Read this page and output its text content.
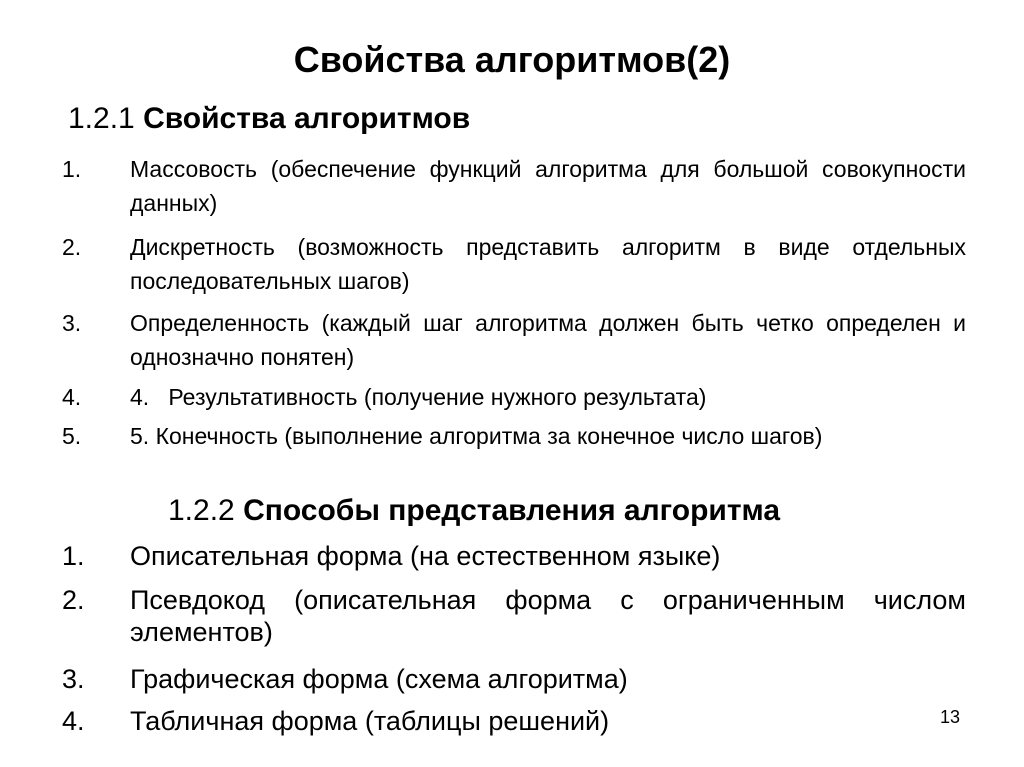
Свойства алгоритмов(2)
1.2.1 Свойства алгоритмов
1. Массовость (обеспечение функций алгоритма для большой совокупности данных)
2. Дискретность (возможность представить алгоритм в виде отдельных последовательных шагов)
3. Определенность (каждый шаг алгоритма должен быть четко определен и однозначно понятен)
4. 4.   Результативность (получение нужного результата)
5. 5. Конечность (выполнение алгоритма за конечное число шагов)
1.2.2 Способы представления алгоритма
1. Описательная форма (на естественном языке)
2. Псевдокод (описательная форма с ограниченным числом элементов)
3. Графическая форма (схема алгоритма)
4. Табличная форма (таблицы решений)	13
